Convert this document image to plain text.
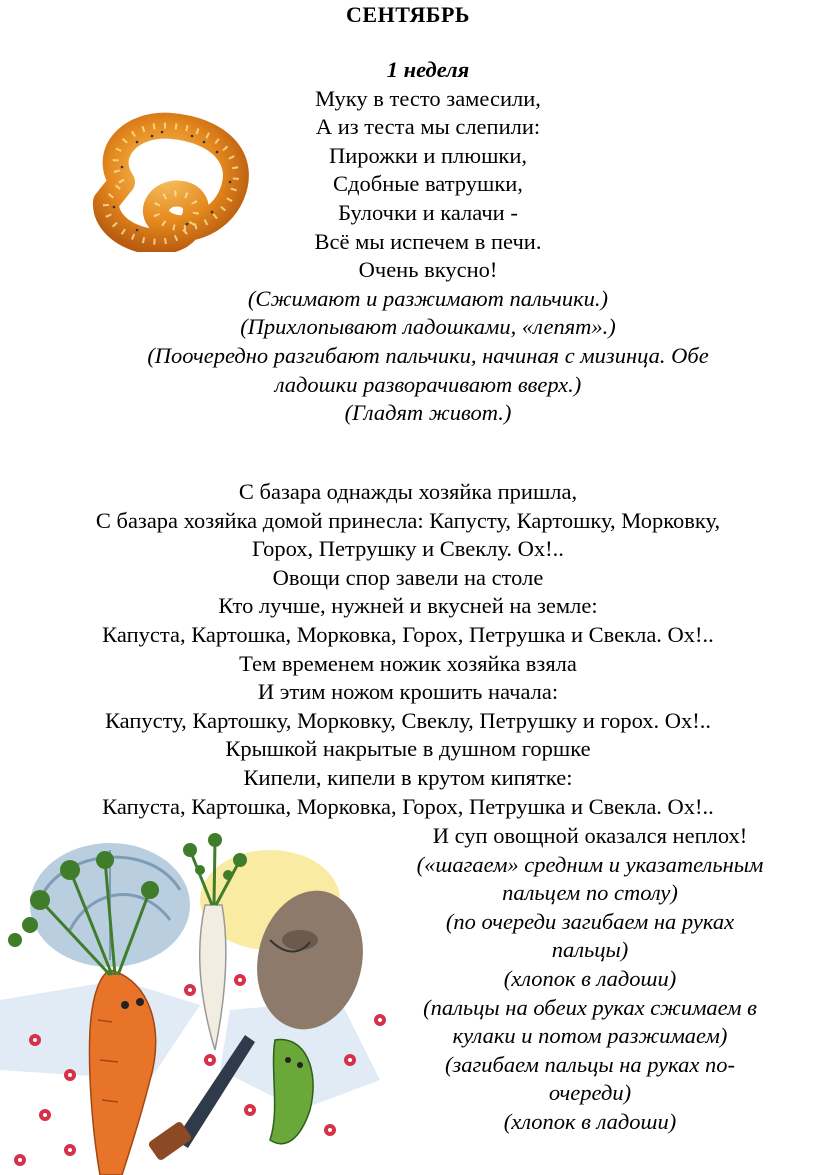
СЕНТЯБРЬ
1 неделя
Муку в тесто замесили,
А из теста мы слепили:
Пирожки и плюшки,
Сдобные ватрушки,
Булочки и калачи -
Всё мы испечем в печи.
Очень вкусно!
(Сжимают и разжимают пальчики.)
(Прихлопывают ладошками, «лепят».)
(Поочередно разгибают пальчики, начиная с мизинца. Обе
ладошки разворачивают вверх.)
(Гладят живот.)
С базара однажды хозяйка пришла,
С базара хозяйка домой принесла: Капусту, Картошку, Морковку,
Горох, Петрушку и Свеклу. Ох!..
Овощи спор завели на столе
Кто лучше, нужней и вкусней на земле:
Капуста, Картошка, Морковка, Горох, Петрушка и Свекла. Ох!..
Тем временем ножик хозяйка взяла
И этим ножом крошить начала:
Капусту, Картошку, Морковку, Свеклу, Петрушку и горох. Ох!..
Крышкой накрытые в душном горшке
Кипели, кипели в крутом кипятке:
Капуста, Картошка, Морковка, Горох, Петрушка и Свекла. Ох!..
И суп овощной оказался неплох!
(«шагаем» средним и указательным
пальцем по столу)
(по очереди загибаем на руках
пальцы)
(хлопок в ладоши)
(пальцы на обеих руках сжимаем в
кулаки и потом разжимаем)
(загибаем пальцы на руках по-
очереди)
(хлопок в ладоши)
